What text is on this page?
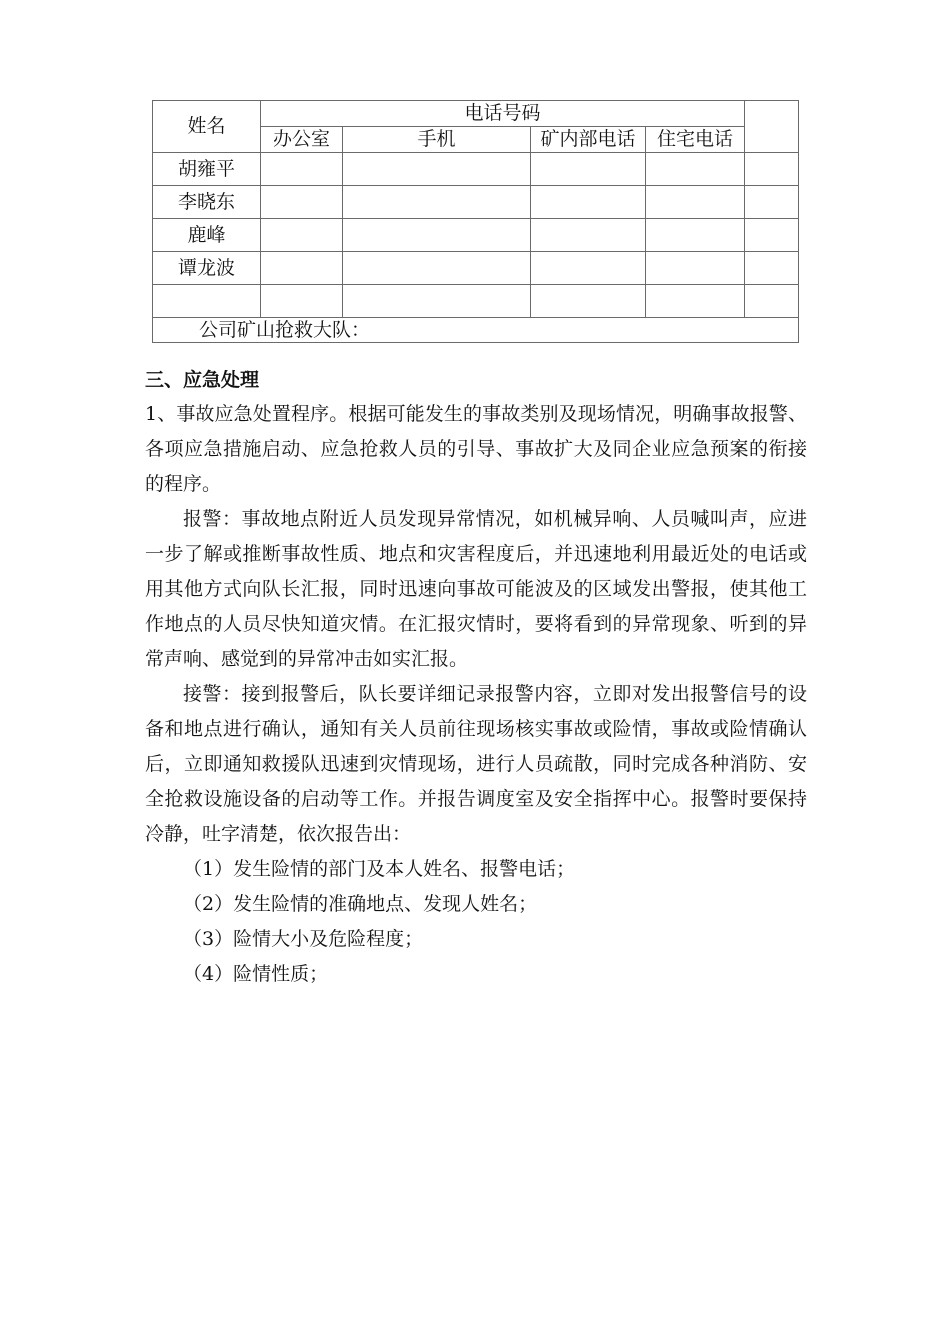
姓名	电话号码				
	办公室	手机	矿内部电话	住宅电话	
胡雍平					
李晓东					
鹿峰					
谭龙波					

公司矿山抢救大队：					
三、应急处理

1、事故应急处置程序。根据可能发生的事故类别及现场情况，明确事故报警、各项应急措施启动、应急抢救人员的引导、事故扩大及同企业应急预案的衔接的程序。

报警：事故地点附近人员发现异常情况，如机械异响、人员喊叫声，应进一步了解或推断事故性质、地点和灾害程度后，并迅速地利用最近处的电话或用其他方式向队长汇报，同时迅速向事故可能波及的区域发出警报，使其他工作地点的人员尽快知道灾情。在汇报灾情时，要将看到的异常现象、听到的异常声响、感觉到的异常冲击如实汇报。

接警：接到报警后，队长要详细记录报警内容，立即对发出报警信号的设备和地点进行确认，通知有关人员前往现场核实事故或险情，事故或险情确认后，立即通知救援队迅速到灾情现场，进行人员疏散，同时完成各种消防、安全抢救设施设备的启动等工作。并报告调度室及安全指挥中心。报警时要保持冷静，吐字清楚，依次报告出：

（1）发生险情的部门及本人姓名、报警电话；

（2）发生险情的准确地点、发现人姓名；

（3）险情大小及危险程度；

（4）险情性质；
